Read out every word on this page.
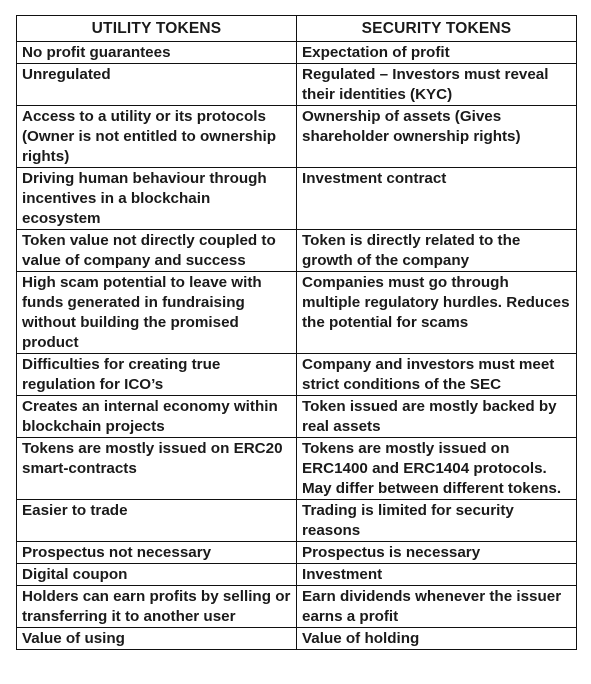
UTILITY TOKENS	SECURITY TOKENS
No profit guarantees	Expectation of profit
Unregulated	Regulated – Investors must reveal their identities (KYC)
Access to a utility or its protocols (Owner is not entitled to ownership rights)	Ownership of assets (Gives shareholder ownership rights)
Driving human behaviour through incentives in a blockchain ecosystem	Investment contract
Token value not directly coupled to value of company and success	Token is directly related to the growth of the company
High scam potential to leave with funds generated in fundraising without building the promised product	Companies must go through multiple regulatory hurdles. Reduces the potential for scams
Difficulties for creating true regulation for ICO’s	Company and investors must meet strict conditions of the SEC
Creates an internal economy within blockchain projects	Token issued are mostly backed by real assets
Tokens are mostly issued on ERC20 smart-contracts	Tokens are mostly issued on ERC1400 and ERC1404 protocols. May differ between different tokens.
Easier to trade	Trading is limited for security reasons
Prospectus not necessary	Prospectus is necessary
Digital coupon	Investment
Holders can earn profits by selling or transferring it to another user	Earn dividends whenever the issuer earns a profit
Value of using	Value of holding
